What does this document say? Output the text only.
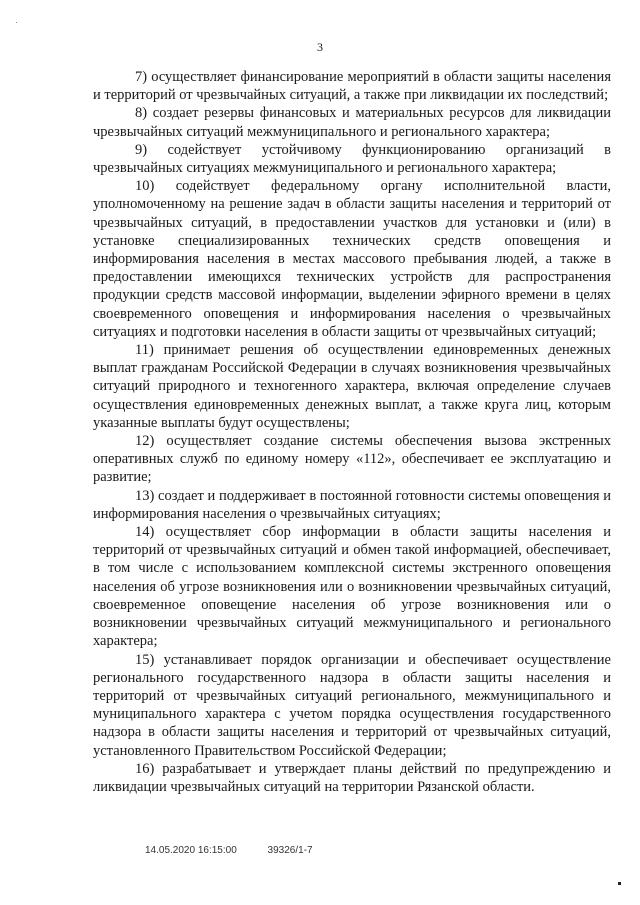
3

7) осуществляет финансирование мероприятий в области защиты населения и территорий от чрезвычайных ситуаций, а также при ликвидации их последствий;

8) создает резервы финансовых и материальных ресурсов для ликвидации чрезвычайных ситуаций межмуниципального и регионального характера;

9) содействует устойчивому функционированию организаций в чрезвычайных ситуациях межмуниципального и регионального характера;

10) содействует федеральному органу исполнительной власти, уполномоченному на решение задач в области защиты населения и территорий от чрезвычайных ситуаций, в предоставлении участков для установки и (или) в установке специализированных технических средств оповещения и информирования населения в местах массового пребывания людей, а также в предоставлении имеющихся технических устройств для распространения продукции средств массовой информации, выделении эфирного времени в целях своевременного оповещения и информирования населения о чрезвычайных ситуациях и подготовки населения в области защиты от чрезвычайных ситуаций;

11) принимает решения об осуществлении единовременных денежных выплат гражданам Российской Федерации в случаях возникновения чрезвычайных ситуаций природного и техногенного характера, включая определение случаев осуществления единовременных денежных выплат, а также круга лиц, которым указанные выплаты будут осуществлены;

12) осуществляет создание системы обеспечения вызова экстренных оперативных служб по единому номеру «112», обеспечивает ее эксплуатацию и развитие;

13) создает и поддерживает в постоянной готовности системы оповещения и информирования населения о чрезвычайных ситуациях;

14) осуществляет сбор информации в области защиты населения и территорий от чрезвычайных ситуаций и обмен такой информацией, обеспечивает, в том числе с использованием комплексной системы экстренного оповещения населения об угрозе возникновения или о возникновении чрезвычайных ситуаций, своевременное оповещение населения об угрозе возникновения или о возникновении чрезвычайных ситуаций межмуниципального и регионального характера;

15) устанавливает порядок организации и обеспечивает осуществление регионального государственного надзора в области защиты населения и территорий от чрезвычайных ситуаций регионального, межмуниципального и муниципального характера с учетом порядка осуществления государственного надзора в области защиты населения и территорий от чрезвычайных ситуаций, установленного Правительством Российской Федерации;

16) разрабатывает и утверждает планы действий по предупреждению и ликвидации чрезвычайных ситуаций на территории Рязанской области.

14.05.2020 16:15:00	39326/1-7
